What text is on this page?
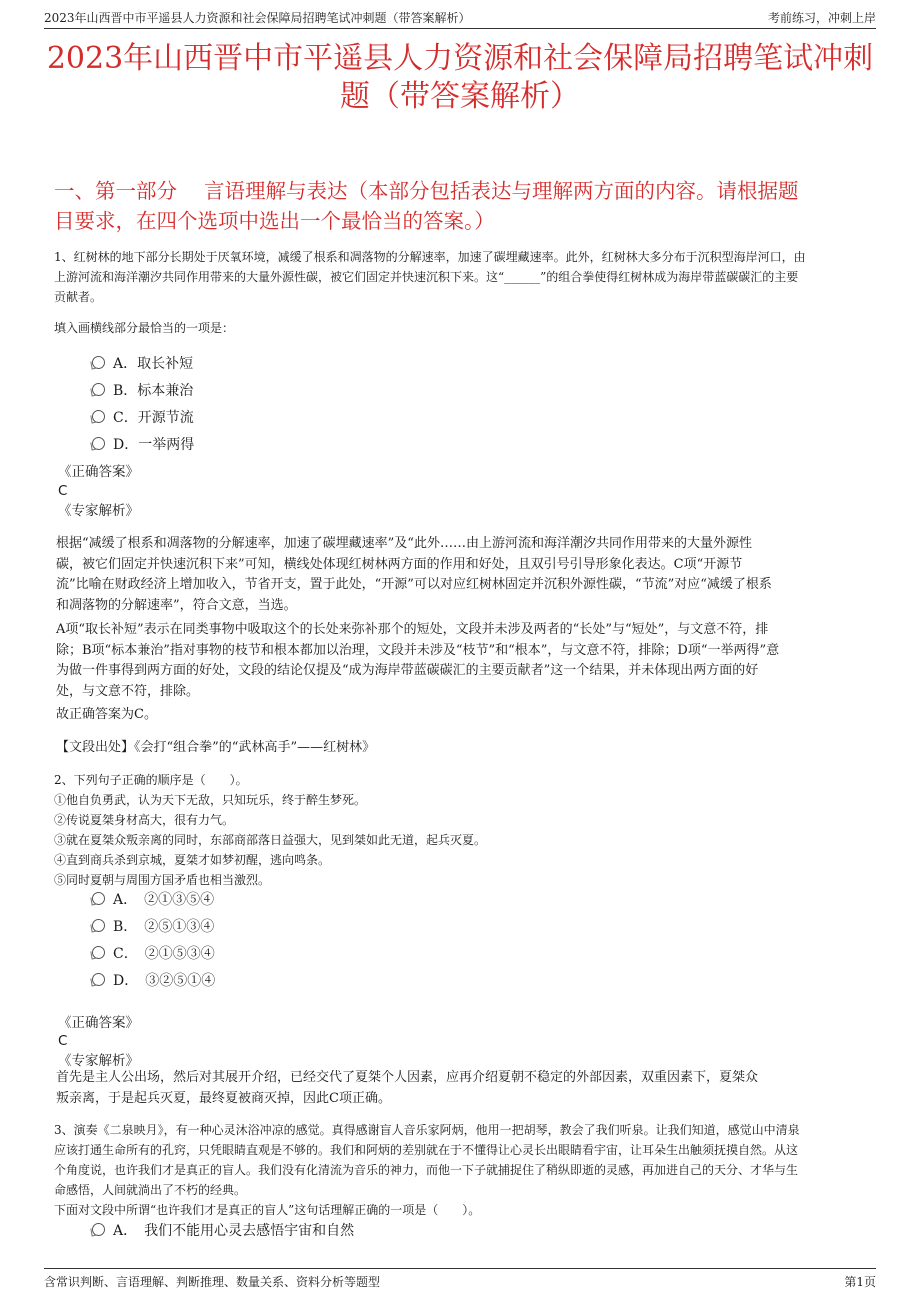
2023年山西晋中市平遥县人力资源和社会保障局招聘笔试冲刺题（带答案解析）	考前练习，冲刺上岸
2023年山西晋中市平遥县人力资源和社会保障局招聘笔试冲刺
题（带答案解析）
一、第一部分　 言语理解与表达（本部分包括表达与理解两方面的内容。请根据题
目要求，在四个选项中选出一个最恰当的答案。）
1、红树林的地下部分长期处于厌氧环境，减缓了根系和凋落物的分解速率，加速了碳埋藏速率。此外，红树林大多分布于沉积型海岸河口，由
上游河流和海洋潮汐共同作用带来的大量外源性碳，被它们固定并快速沉积下来。这“______”的组合拳使得红树林成为海岸带蓝碳碳汇的主要
贡献者。
填入画横线部分最恰当的一项是：
A．取长补短
B．标本兼治
C．开源节流
D．一举两得
《正确答案》
C
《专家解析》
根据“减缓了根系和凋落物的分解速率，加速了碳埋藏速率”及“此外……由上游河流和海洋潮汐共同作用带来的大量外源性
碳，被它们固定并快速沉积下来”可知，横线处体现红树林两方面的作用和好处，且双引号引导形象化表达。C项“开源节
流”比喻在财政经济上增加收入，节省开支，置于此处，“开源”可以对应红树林固定并沉积外源性碳，“节流”对应“减缓了根系
和凋落物的分解速率”，符合文意，当选。
A项“取长补短”表示在同类事物中吸取这个的长处来弥补那个的短处，文段并未涉及两者的“长处”与“短处”，与文意不符，排
除；B项“标本兼治”指对事物的枝节和根本都加以治理，文段并未涉及“枝节”和“根本”，与文意不符，排除；D项“一举两得”意
为做一件事得到两方面的好处，文段的结论仅提及“成为海岸带蓝碳碳汇的主要贡献者”这一个结果，并未体现出两方面的好
处，与文意不符，排除。
故正确答案为C。
【文段出处】《会打“组合拳”的“武林高手”——红树林》
2、下列句子正确的顺序是（　　）。
①他自负勇武，认为天下无敌，只知玩乐，终于醉生梦死。
②传说夏桀身材高大，很有力气。
③就在夏桀众叛亲离的同时，东部商部落日益强大，见到桀如此无道，起兵灭夏。
④直到商兵杀到京城，夏桀才如梦初醒，逃向鸣条。
⑤同时夏朝与周围方国矛盾也相当激烈。
A．　②①③⑤④
B．　②⑤①③④
C．　②①⑤③④
D．　③②⑤①④
《正确答案》
C
《专家解析》
首先是主人公出场，然后对其展开介绍，已经交代了夏桀个人因素，应再介绍夏朝不稳定的外部因素，双重因素下，夏桀众
叛亲离，于是起兵灭夏，最终夏被商灭掉，因此C项正确。
3、演奏《二泉映月》，有一种心灵沐浴冲凉的感觉。真得感谢盲人音乐家阿炳，他用一把胡琴，教会了我们听泉。让我们知道，感觉山中清泉
应该打通生命所有的孔窍，只凭眼睛直观是不够的。我们和阿炳的差别就在于不懂得让心灵长出眼睛看宇宙，让耳朵生出触须抚摸自然。从这
个角度说，也许我们才是真正的盲人。我们没有化清流为音乐的神力，而他一下子就捕捉住了稍纵即逝的灵感，再加进自己的天分、才华与生
命感悟，人间就淌出了不朽的经典。
下面对文段中所谓“也许我们才是真正的盲人”这句话理解正确的一项是（　　）。
A．　我们不能用心灵去感悟宇宙和自然
含常识判断、言语理解、判断推理、数量关系、资料分析等题型	第1页
